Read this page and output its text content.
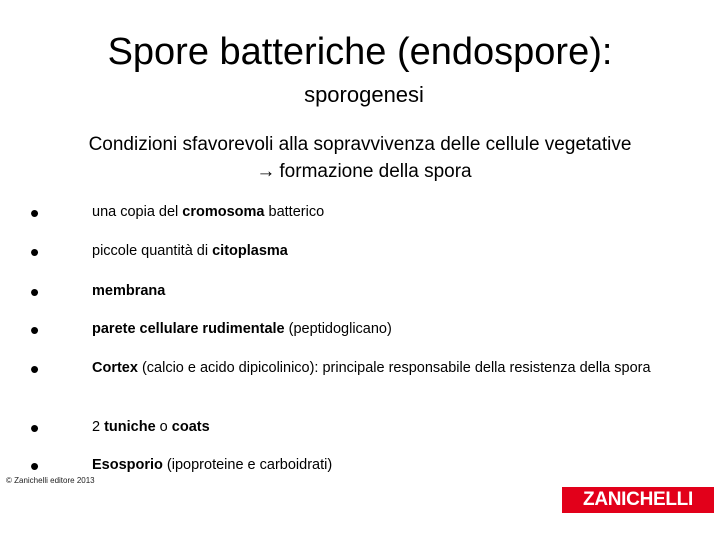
Spore batteriche (endospore):
sporogenesi
Condizioni sfavorevoli alla sopravvivenza delle cellule vegetative→ formazione della spora
•	una copia del cromosoma batterico
•	piccole quantità di citoplasma
•	membrana
•	parete cellulare rudimentale (peptidoglicano)
•	Cortex (calcio e acido dipicolinico): principale responsabile della resistenza della spora
•	2 tuniche o coats
•	Esosporio (ipoproteine e carboidrati)
© Zanichelli editore 2013
ZANICHELLI
